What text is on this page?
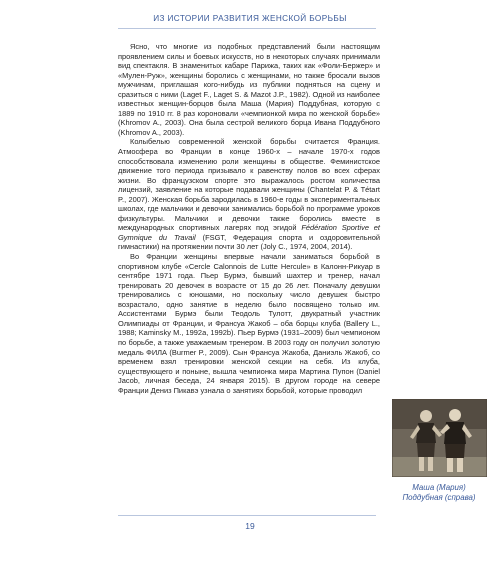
ИЗ ИСТОРИИ РАЗВИТИЯ ЖЕНСКОЙ БОРЬБЫ

Ясно, что многие из подобных представлений были настоящим проявлением силы и боевых искусств, но в некоторых случаях принимали вид спектакля. В знаменитых кабаре Парижа, таких как «Фоли-Бержер» и «Мулен-Руж», женщины боролись с женщинами, но также бросали вызов мужчинам, приглашая кого-нибудь из публики подняться на сцену и сразиться с ними (Laget F., Laget S. & Mazot J.P., 1982). Одной из наиболее известных женщин-борцов была Маша (Мария) Поддубная, которую с 1889 по 1910 гг. 8 раз короновали «чемпионкой мира по женской борьбе» (Khromov A., 2003). Она была сестрой великого борца Ивана Поддубного (Khromov A., 2003).

Колыбелью современной женской борьбы считается Франция. Атмосфера во Франции в конце 1960-х – начале 1970-х годов способствовала изменению роли женщины в обществе. Феминистское движение того периода призывало к равенству полов во всех сферах жизни. Во французском спорте это выражалось ростом количества лицензий, заявление на которые подавали женщины (Chantelat P. & Tétart P., 2007). Женская борьба зародилась в 1960-е годы в экспериментальных школах, где мальчики и девочки занимались борьбой по программе уроков физкультуры. Мальчики и девочки также боролись вместе в международных спортивных лагерях под эгидой Fédération Sportive et Gymnique du Travail (FSGT, Федерация спорта и оздоровительной гимнастики) на протяжении почти 30 лет (Joly C., 1974, 2004, 2014).

Во Франции женщины впервые начали заниматься борьбой в спортивном клубе «Cercle Calonnois de Lutte Hercule» в Калонн-Рикуар в сентябре 1971 года. Пьер Бурмэ, бывший шахтер и тренер, начал тренировать 20 девочек в возрасте от 15 до 26 лет. Поначалу девушки тренировались с юношами, но поскольку число девушек быстро возрастало, одно занятие в неделю было посвящено только им. Ассистентами Бурмэ были Теодоль Тулотт, двукратный участник Олимпиады от Франции, и Франсуа Жакоб – оба борцы клуба (Ballery L., 1988; Kaminsky M., 1992a, 1992b). Пьер Бурмэ (1931–2009) был чемпионом по борьбе, а также уважаемым тренером. В 2003 году он получил золотую медаль ФИЛА (Burmer P., 2009). Сын Франсуа Жакоба, Даниэль Жакоб, со временем взял тренировки женской секции на себя. Из клуба, существующего и поныне, вышла чемпионка мира Мартина Пупон (Daniel Jacob, личная беседа, 24 января 2015). В другом городе на севере Франции Дениз Пикавэ узнала о занятиях борьбой, которые проводил

Маша (Мария)
Поддубная (справа)
19
